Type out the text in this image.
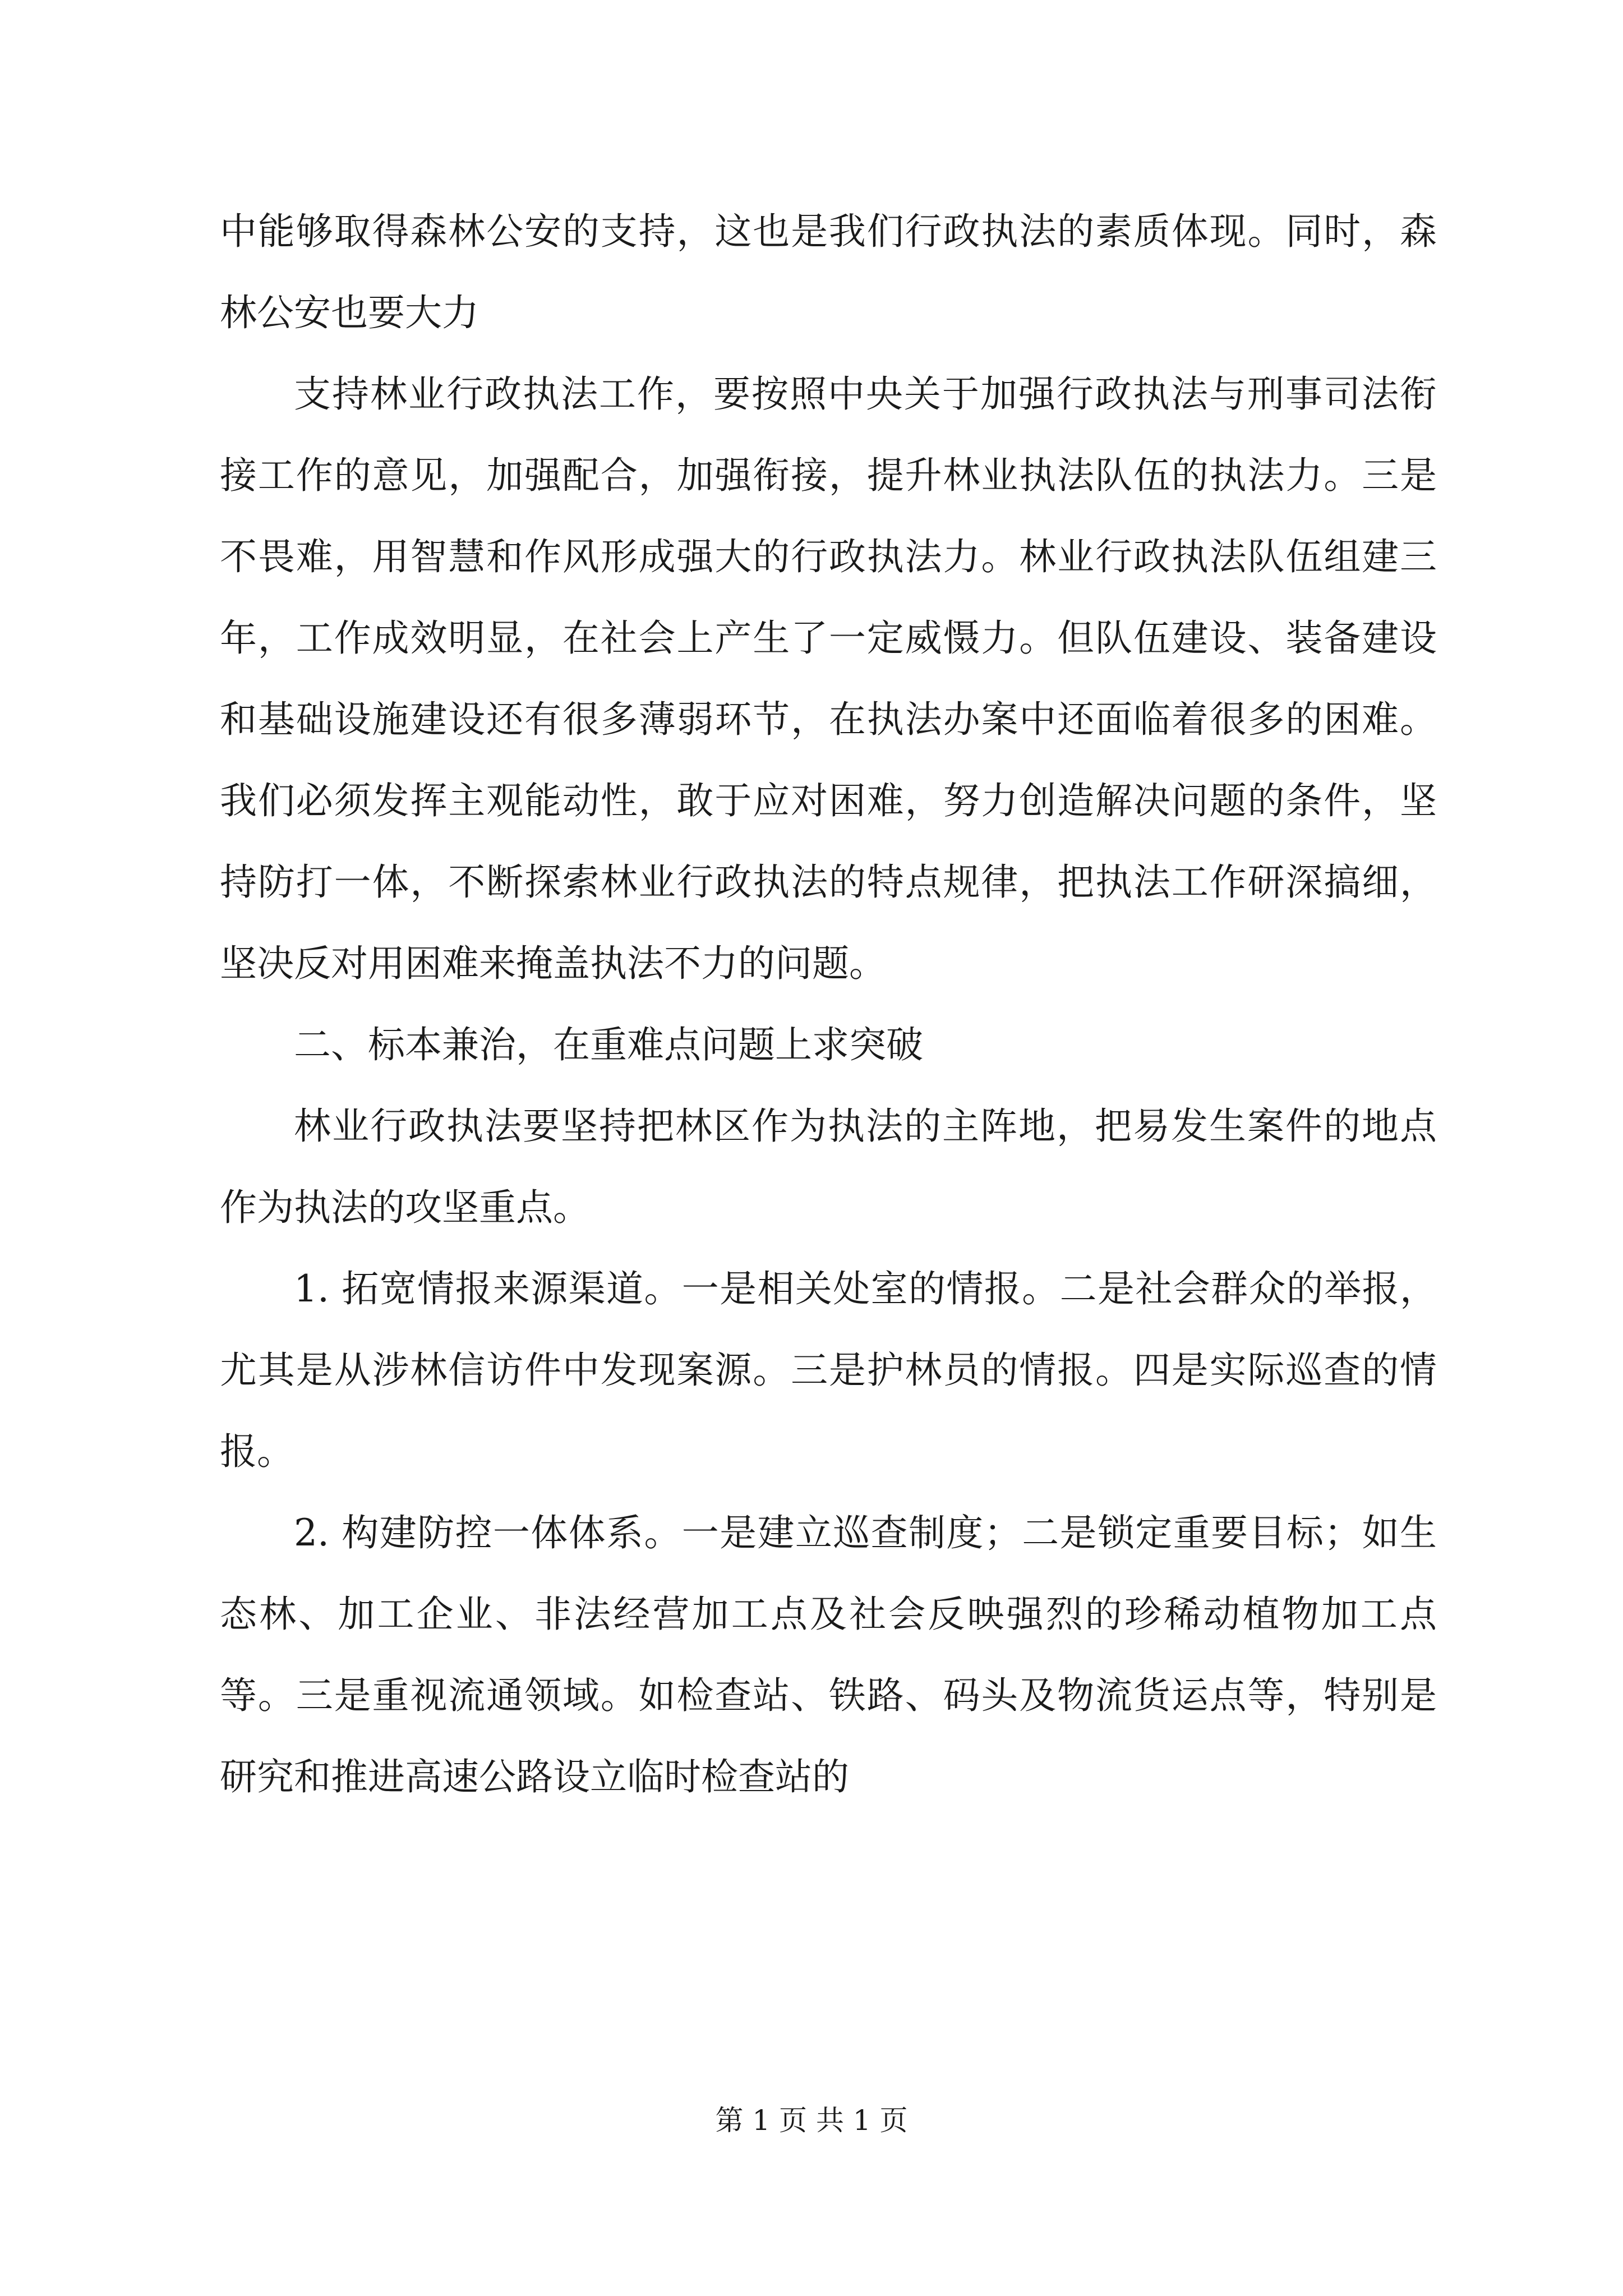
中能够取得森林公安的支持，这也是我们行政执法的素质体现。同时，森林公安也要大力

支持林业行政执法工作，要按照中央关于加强行政执法与刑事司法衔接工作的意见，加强配合，加强衔接，提升林业执法队伍的执法力。三是不畏难，用智慧和作风形成强大的行政执法力。林业行政执法队伍组建三年，工作成效明显，在社会上产生了一定威慑力。但队伍建设、装备建设和基础设施建设还有很多薄弱环节，在执法办案中还面临着很多的困难。我们必须发挥主观能动性，敢于应对困难，努力创造解决问题的条件，坚持防打一体，不断探索林业行政执法的特点规律，把执法工作研深搞细，坚决反对用困难来掩盖执法不力的问题。

二、标本兼治，在重难点问题上求突破

林业行政执法要坚持把林区作为执法的主阵地，把易发生案件的地点作为执法的攻坚重点。

1. 拓宽情报来源渠道。一是相关处室的情报。二是社会群众的举报，尤其是从涉林信访件中发现案源。三是护林员的情报。四是实际巡查的情报。

2. 构建防控一体体系。一是建立巡查制度；二是锁定重要目标；如生态林、加工企业、非法经营加工点及社会反映强烈的珍稀动植物加工点等。三是重视流通领域。如检查站、铁路、码头及物流货运点等，特别是研究和推进高速公路设立临时检查站的

第 1 页 共 1 页
